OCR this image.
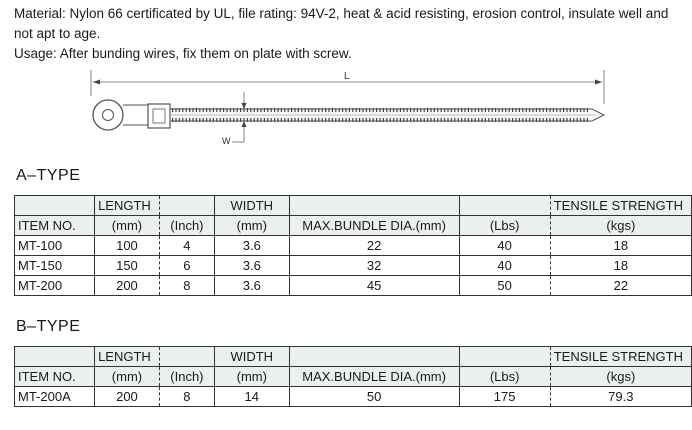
Material: Nylon 66 certificated by UL, file rating: 94V-2, heat & acid resisting, erosion control, insulate well and not apt to age.

Usage: After bunding wires, fix them on plate with screw.

L
W
A–TYPE
	LENGTH		WIDTH			TENSILE STRENGTH
ITEM NO.	(mm)	(Inch)	(mm)	MAX.BUNDLE DIA.(mm)	(Lbs)	(kgs)
MT-100	100	4	3.6	22	40	18
MT-150	150	6	3.6	32	40	18
MT-200	200	8	3.6	45	50	22
B–TYPE
	LENGTH		WIDTH			TENSILE STRENGTH
ITEM NO.	(mm)	(Inch)	(mm)	MAX.BUNDLE DIA.(mm)	(Lbs)	(kgs)
MT-200A	200	8	14	50	175	79.3
